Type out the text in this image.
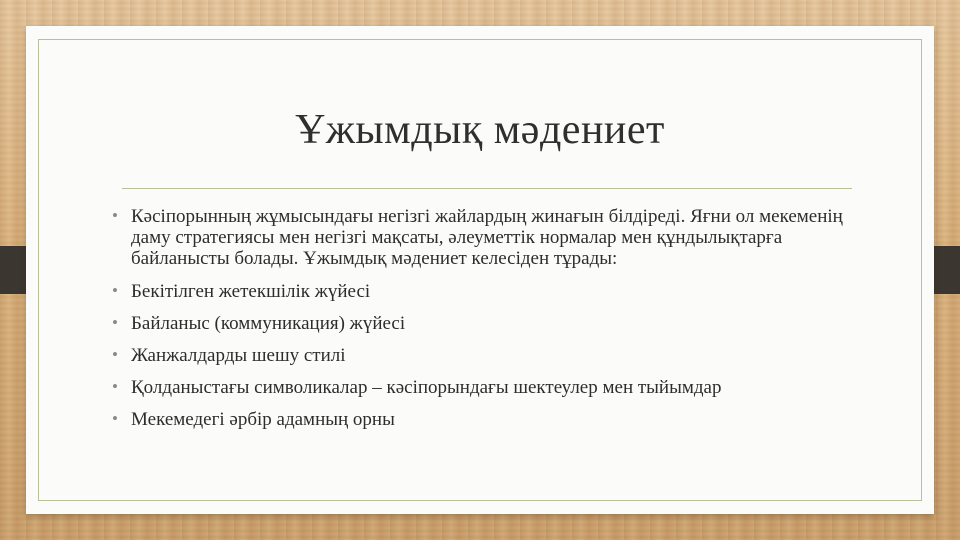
Ұжымдық мәдениет
• Кәсіпорынның жұмысындағы негізгі жайлардың жинағын білдіреді. Яғни ол мекеменің даму стратегиясы мен негізгі мақсаты, әлеуметтік нормалар мен құндылықтарға байланысты болады. Ұжымдық мәдениет келесіден тұрады:
• Бекітілген жетекшілік жүйесі
• Байланыс (коммуникация) жүйесі
• Жанжалдарды шешу стилі
• Қолданыстағы символикалар – кәсіпорындағы шектеулер мен тыйымдар
• Мекемедегі әрбір адамның орны
